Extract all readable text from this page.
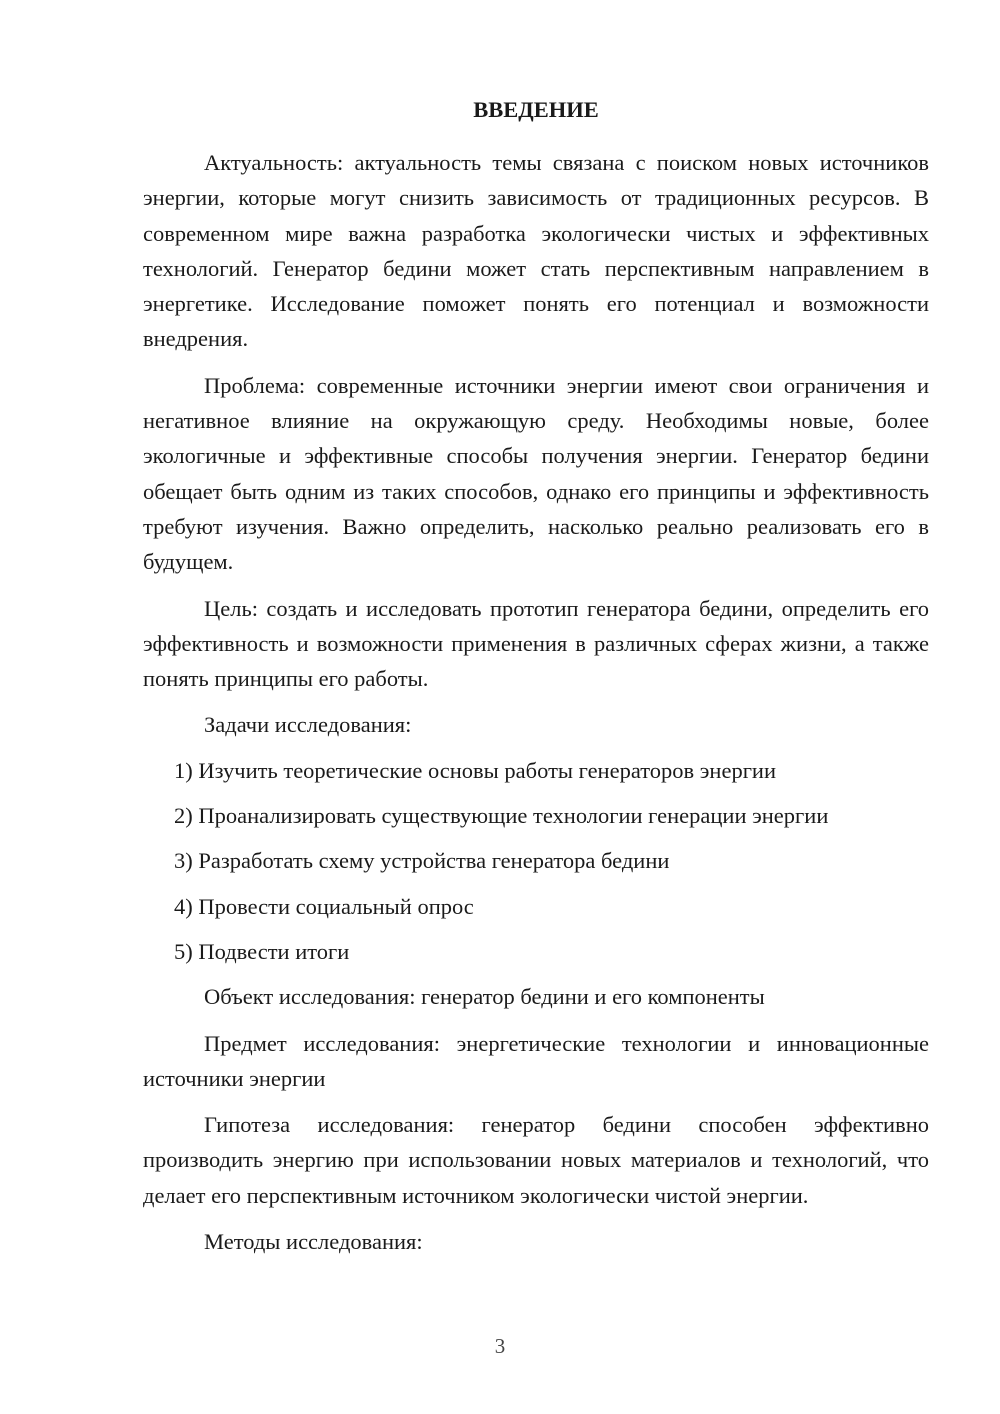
ВВЕДЕНИЕ

Актуальность: актуальность темы связана с поиском новых источников энергии, которые могут снизить зависимость от традиционных ресурсов. В современном мире важна разработка экологически чистых и эффективных технологий. Генератор бедини может стать перспективным направлением в энергетике. Исследование поможет понять его потенциал и возможности внедрения.

Проблема: современные источники энергии имеют свои ограничения и негативное влияние на окружающую среду. Необходимы новые, более экологичные и эффективные способы получения энергии. Генератор бедини обещает быть одним из таких способов, однако его принципы и эффективность требуют изучения. Важно определить, насколько реально реализовать его в будущем.

Цель: создать и исследовать прототип генератора бедини, определить его эффективность и возможности применения в различных сферах жизни, а также понять принципы его работы.

Задачи исследования:

1) Изучить теоретические основы работы генераторов энергии
2) Проанализировать существующие технологии генерации энергии
3) Разработать схему устройства генератора бедини
4) Провести социальный опрос
5) Подвести итоги

Объект исследования: генератор бедини и его компоненты

Предмет исследования: энергетические технологии и инновационные источники энергии

Гипотеза исследования: генератор бедини способен эффективно производить энергию при использовании новых материалов и технологий, что делает его перспективным источником экологически чистой энергии.

Методы исследования:

3
